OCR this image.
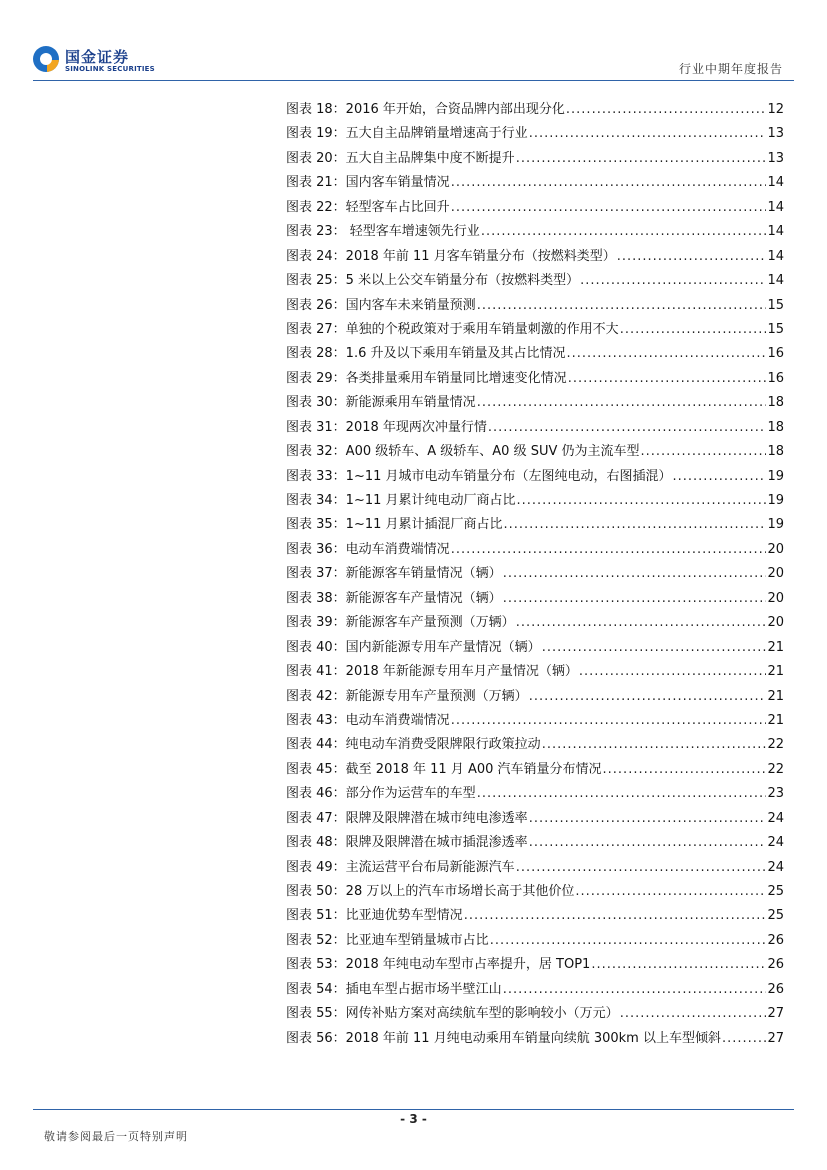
国金证券
SINOLINK SECURITIES	行业中期年度报告
图表 18：2016 年开始，合资品牌内部出现分化 .....	12
图表 19：五大自主品牌销量增速高于行业 .....	13
图表 20：五大自主品牌集中度不断提升 .....	13
图表 21：国内客车销量情况 .....	14
图表 22：轻型客车占比回升 .....	14
图表 23： 轻型客车增速领先行业 .....	14
图表 24：2018 年前 11 月客车销量分布（按燃料类型） .....	14
图表 25：5 米以上公交车销量分布（按燃料类型） .....	14
图表 26：国内客车未来销量预测 .....	15
图表 27：单独的个税政策对于乘用车销量刺激的作用不大 .....	15
图表 28：1.6 升及以下乘用车销量及其占比情况 .....	16
图表 29：各类排量乘用车销量同比增速变化情况 .....	16
图表 30：新能源乘用车销量情况 .....	18
图表 31：2018 年现两次冲量行情 .....	18
图表 32：A00 级轿车、A 级轿车、A0 级 SUV 仍为主流车型 .....	18
图表 33：1~11 月城市电动车销量分布（左图纯电动，右图插混） .....	19
图表 34：1~11 月累计纯电动厂商占比 .....	19
图表 35：1~11 月累计插混厂商占比 .....	19
图表 36：电动车消费端情况 .....	20
图表 37：新能源客车销量情况（辆） .....	20
图表 38：新能源客车产量情况（辆） .....	20
图表 39：新能源客车产量预测（万辆） .....	20
图表 40：国内新能源专用车产量情况（辆） .....	21
图表 41：2018 年新能源专用车月产量情况（辆） .....	21
图表 42：新能源专用车产量预测（万辆） .....	21
图表 43：电动车消费端情况 .....	21
图表 44：纯电动车消费受限牌限行政策拉动 .....	22
图表 45：截至 2018 年 11 月 A00 汽车销量分布情况 .....	22
图表 46：部分作为运营车的车型 .....	23
图表 47：限牌及限牌潜在城市纯电渗透率 .....	24
图表 48：限牌及限牌潜在城市插混渗透率 .....	24
图表 49：主流运营平台布局新能源汽车 .....	24
图表 50：28 万以上的汽车市场增长高于其他价位 .....	25
图表 51：比亚迪优势车型情况 .....	25
图表 52：比亚迪车型销量城市占比 .....	26
图表 53：2018 年纯电动车型市占率提升，居 TOP1 .....	26
图表 54：插电车型占据市场半壁江山 .....	26
图表 55：网传补贴方案对高续航车型的影响较小（万元） .....	27
图表 56：2018 年前 11 月纯电动乘用车销量向续航 300km 以上车型倾斜 .....	27
- 3 -
敬请参阅最后一页特别声明
